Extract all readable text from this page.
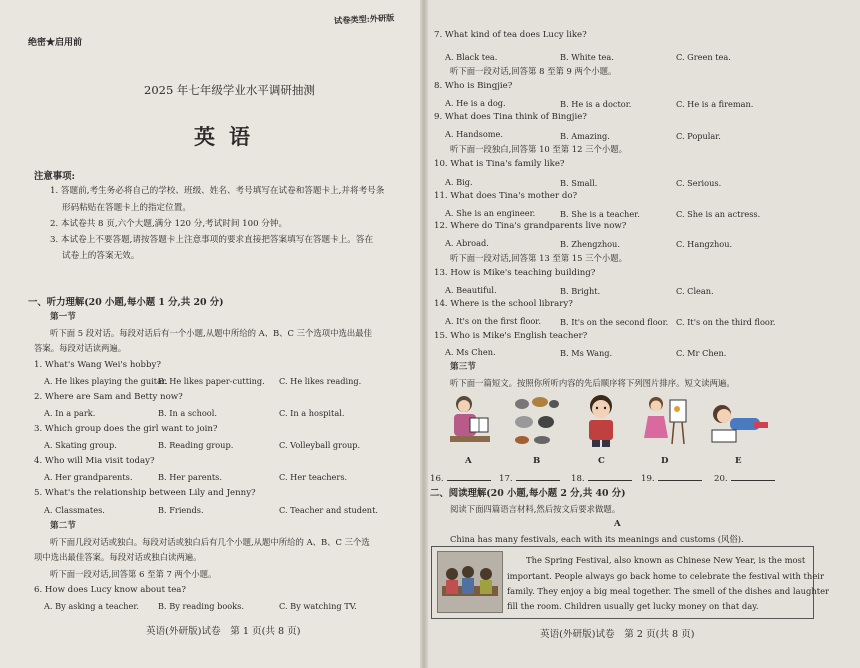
绝密★启用前
试卷类型:外研版
2025 年七年级学业水平调研抽测
英语
注意事项:
1. 答题前,考生务必将自己的学校、班级、姓名、考号填写在试卷和答题卡上,并将考号条
形码粘贴在答题卡上的指定位置。
2. 本试卷共 8 页,六个大题,满分 120 分,考试时间 100 分钟。
3. 本试卷上不要答题,请按答题卡上注意事项的要求直接把答案填写在答题卡上。答在
试卷上的答案无效。
一、听力理解(20 小题,每小题 1 分,共 20 分)
第一节
听下面 5 段对话。每段对话后有一个小题,从题中所给的 A、B、C 三个选项中选出最佳
答案。每段对话读两遍。
1. What's Wang Wei's hobby?
A. He likes playing the guitar.
B. He likes paper-cutting. C. He likes reading.
2. Where are Sam and Betty now?
A. In a park.	B. In a school.	C. In a hospital.
3. Which group does the girl want to join?
A. Skating group.	B. Reading group.	C. Volleyball group.
4. Who will Mia visit today?
A. Her grandparents.	B. Her parents.	C. Her teachers.
5. What's the relationship between Lily and Jenny?
A. Classmates.	B. Friends.	C. Teacher and student.
第二节
听下面几段对话或独白。每段对话或独白后有几个小题,从题中所给的 A、B、C 三个选
项中选出最佳答案。每段对话或独白读两遍。
听下面一段对话,回答第 6 至第 7 两个小题。
6. How does Lucy know about tea?
A. By asking a teacher. B. By reading books.	C. By watching TV.
英语(外研版)试卷　第 1 页(共 8 页)
7. What kind of tea does Lucy like?
A. Black tea.	B. White tea.	C. Green tea.
听下面一段对话,回答第 8 至第 9 两个小题。
8. Who is Bingjie?
A. He is a dog.	B. He is a doctor.	C. He is a fireman.
9. What does Tina think of Bingjie?
A. Handsome.	B. Amazing.	C. Popular.
听下面一段独白,回答第 10 至第 12 三个小题。
10. What is Tina's family like?
A. Big.	B. Small.	C. Serious.
11. What does Tina's mother do?
A. She is an engineer.	B. She is a teacher.	C. She is an actress.
12. Where do Tina's grandparents live now?
A. Abroad.	B. Zhengzhou.	C. Hangzhou.
听下面一段对话,回答第 13 至第 15 三个小题。
13. How is Mike's teaching building?
A. Beautiful.	B. Bright.	C. Clean.
14. Where is the school library?
A. It's on the first floor. B. It's on the second floor. C. It's on the third floor.
15. Who is Mike's English teacher?
A. Ms Chen.	B. Ms Wang.	C. Mr Chen.
第三节
听下面一篇短文。按照你所听内容的先后顺序将下列图片排序。短文读两遍。
A	B	C	D	E
16.	17.	18.	19.	20.
二、阅读理解(20 小题,每小题 2 分,共 40 分)
阅读下面四篇语言材料,然后按文后要求做题。
A
China has many festivals, each with its meanings and customs (风俗).
The Spring Festival, also known as Chinese New Year, is the most
important. People always go back home to celebrate the festival with their
family. They enjoy a big meal together. The smell of the dishes and laughter
fill the room. Children usually get lucky money on that day.
英语(外研版)试卷　第 2 页(共 8 页)
